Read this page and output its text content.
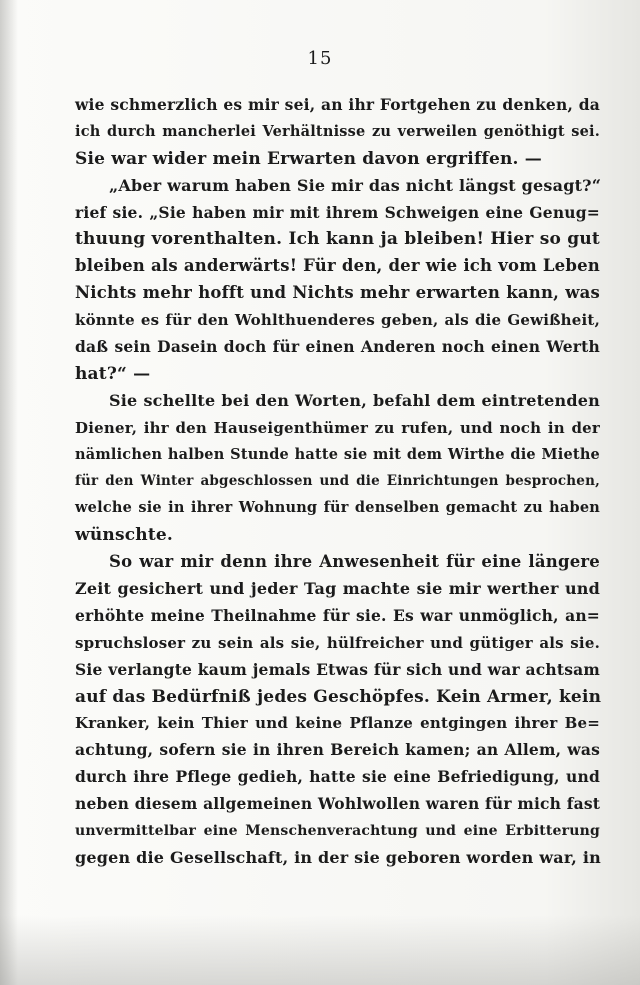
15
wie schmerzlich es mir sei, an ihr Fortgehen zu denken, da
ich durch mancherlei Verhältnisse zu verweilen genöthigt sei.
Sie war wider mein Erwarten davon ergriffen. —
„Aber warum haben Sie mir das nicht längst gesagt?“
rief sie. „Sie haben mir mit ihrem Schweigen eine Genug=
thuung vorenthalten. Ich kann ja bleiben! Hier so gut
bleiben als anderwärts! Für den, der wie ich vom Leben
Nichts mehr hofft und Nichts mehr erwarten kann, was
könnte es für den Wohlthuenderes geben, als die Gewißheit,
daß sein Dasein doch für einen Anderen noch einen Werth
hat?“ —
Sie schellte bei den Worten, befahl dem eintretenden
Diener, ihr den Hauseigenthümer zu rufen, und noch in der
nämlichen halben Stunde hatte sie mit dem Wirthe die Miethe
für den Winter abgeschlossen und die Einrichtungen besprochen,
welche sie in ihrer Wohnung für denselben gemacht zu haben
wünschte.
So war mir denn ihre Anwesenheit für eine längere
Zeit gesichert und jeder Tag machte sie mir werther und
erhöhte meine Theilnahme für sie. Es war unmöglich, an=
spruchsloser zu sein als sie, hülfreicher und gütiger als sie.
Sie verlangte kaum jemals Etwas für sich und war achtsam
auf das Bedürfniß jedes Geschöpfes. Kein Armer, kein
Kranker, kein Thier und keine Pflanze entgingen ihrer Be=
achtung, sofern sie in ihren Bereich kamen; an Allem, was
durch ihre Pflege gedieh, hatte sie eine Befriedigung, und
neben diesem allgemeinen Wohlwollen waren für mich fast
unvermittelbar eine Menschenverachtung und eine Erbitterung
gegen die Gesellschaft, in der sie geboren worden war, in
